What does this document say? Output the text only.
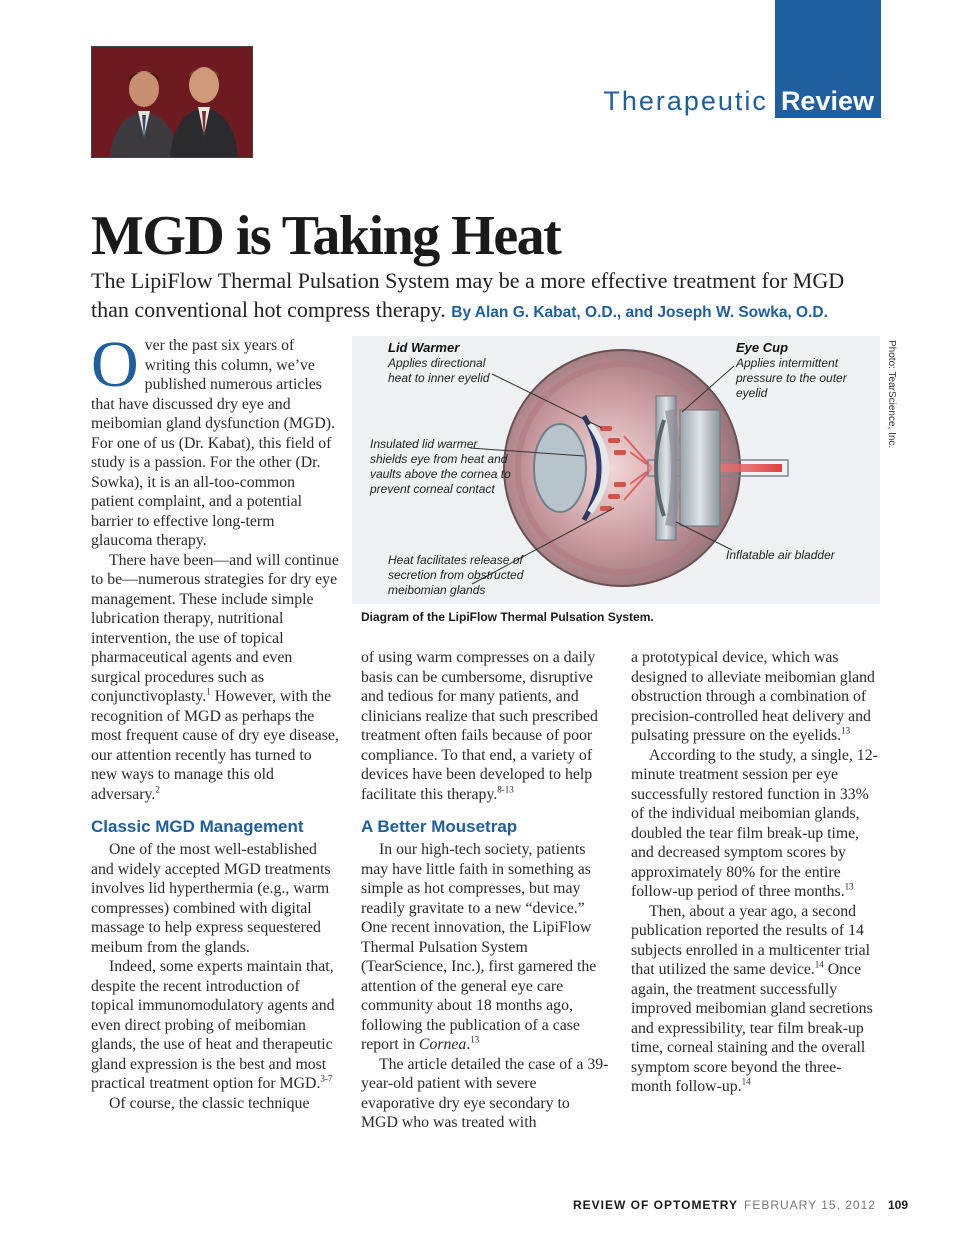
Therapeutic Review
MGD is Taking Heat

The LipiFlow Thermal Pulsation System may be a more effective treatment for MGD than conventional hot compress therapy. By Alan G. Kabat, O.D., and Joseph W. Sowka, O.D.

Over the past six years of writing this column, we’ve published numerous articles that have discussed dry eye and meibomian gland dysfunction (MGD). For one of us (Dr. Kabat), this field of study is a passion. For the other (Dr. Sowka), it is an all-too-common patient complaint, and a potential barrier to effective long-term glaucoma therapy.

There have been—and will continue to be—numerous strategies for dry eye management. These include simple lubrication therapy, nutritional intervention, the use of topical pharmaceutical agents and even surgical procedures such as conjunctivoplasty.$^1$ However, with the recognition of MGD as perhaps the most frequent cause of dry eye disease, our attention recently has turned to new ways to manage this old adversary.$^2$

Classic MGD Management

One of the most well-established and widely accepted MGD treatments involves lid hyperthermia (e.g., warm compresses) combined with digital massage to help express sequestered meibum from the glands.

Indeed, some experts maintain that, despite the recent introduction of topical immunomodulatory agents and even direct probing of meibomian glands, the use of heat and therapeutic gland expression is the best and most practical treatment option for MGD.$^{3-7}$

Of course, the classic technique

Lid Warmer
Applies directional
heat to inner eyelid
Eye Cup
Applies intermittent
pressure to the outer
eyelid
Insulated lid warmer
shields eye from heat and
vaults above the cornea to
prevent corneal contact
Inflatable air bladder
Heat facilitates release of
secretion from obstructed
meibomian glands
Photo: TearScience, Inc.
Diagram of the LipiFlow Thermal Pulsation System.

of using warm compresses on a daily basis can be cumbersome, disruptive and tedious for many patients, and clinicians realize that such prescribed treatment often fails because of poor compliance. To that end, a variety of devices have been developed to help facilitate this therapy.$^{8-13}$

A Better Mousetrap

In our high-tech society, patients may have little faith in something as simple as hot compresses, but may readily gravitate to a new “device.” One recent innovation, the LipiFlow Thermal Pulsation System (TearScience, Inc.), first garnered the attention of the general eye care community about 18 months ago, following the publication of a case report in Cornea.$^{13}$

The article detailed the case of a 39-year-old patient with severe evaporative dry eye secondary to MGD who was treated with

a prototypical device, which was designed to alleviate meibomian gland obstruction through a combination of precision-controlled heat delivery and pulsating pressure on the eyelids.$^{13}$

According to the study, a single, 12-minute treatment session per eye successfully restored function in 33% of the individual meibomian glands, doubled the tear film break-up time, and decreased symptom scores by approximately 80% for the entire follow-up period of three months.$^{13}$

Then, about a year ago, a second publication reported the results of 14 subjects enrolled in a multicenter trial that utilized the same device.$^{14}$ Once again, the treatment successfully improved meibomian gland secretions and expressibility, tear film break-up time, corneal staining and the overall symptom score beyond the three-month follow-up.$^{14}$

REVIEW OF OPTOMETRY FEBRUARY 15, 2012 109
